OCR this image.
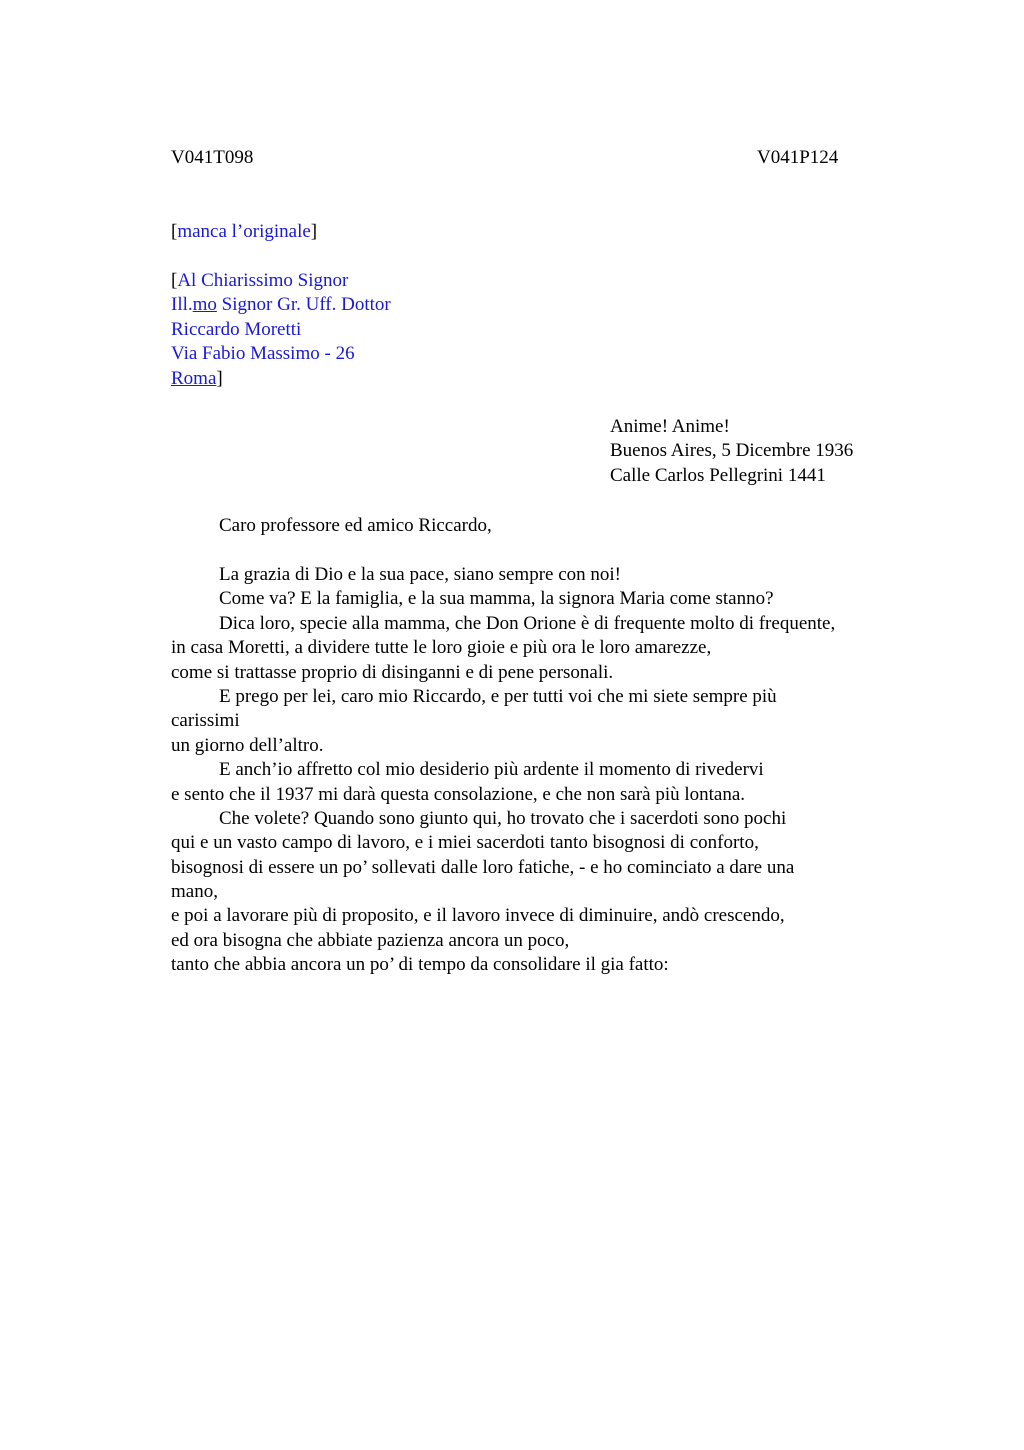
V041T098	V041P124
[manca l’originale]
[Al Chiarissimo Signor
Ill.mo Signor Gr. Uff. Dottor
Riccardo Moretti
Via Fabio Massimo - 26
Roma]
Anime! Anime!
Buenos Aires, 5 Dicembre 1936
Calle Carlos Pellegrini 1441
Caro professore ed amico Riccardo,
La grazia di Dio e la sua pace, siano sempre con noi!
Come va? E la famiglia, e la sua mamma, la signora Maria come stanno?
Dica loro, specie alla mamma, che Don Orione è di frequente molto di frequente,
in casa Moretti, a dividere tutte le loro gioie e più ora le loro amarezze,
come si trattasse proprio di disinganni e di pene personali.
E prego per lei, caro mio Riccardo, e per tutti voi che mi siete sempre più
carissimi
un giorno dell’altro.
E anch’io affretto col mio desiderio più ardente il momento di rivedervi
e sento che il 1937 mi darà questa consolazione, e che non sarà più lontana.
Che volete? Quando sono giunto qui, ho trovato che i sacerdoti sono pochi
qui e un vasto campo di lavoro, e i miei sacerdoti tanto bisognosi di conforto,
bisognosi di essere un po’ sollevati dalle loro fatiche, - e ho cominciato a dare una
mano,
e poi a lavorare più di proposito, e il lavoro invece di diminuire, andò crescendo,
ed ora bisogna che abbiate pazienza ancora un poco,
tanto che abbia ancora un po’ di tempo da consolidare il gia fatto:
